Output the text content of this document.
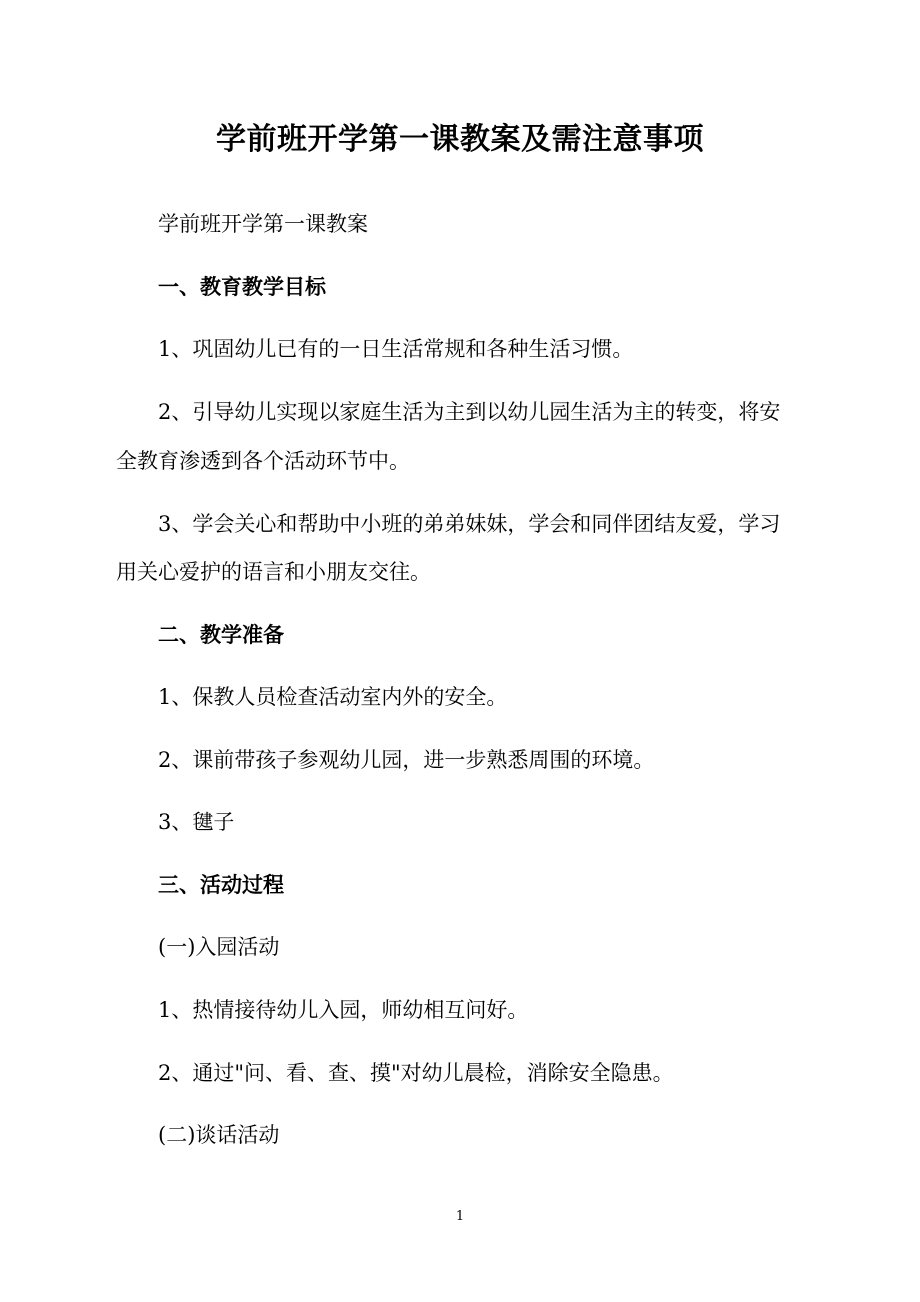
学前班开学第一课教案及需注意事项
学前班开学第一课教案
一、教育教学目标
1、巩固幼儿已有的一日生活常规和各种生活习惯。
2、引导幼儿实现以家庭生活为主到以幼儿园生活为主的转变，将安
全教育渗透到各个活动环节中。
3、学会关心和帮助中小班的弟弟妹妹，学会和同伴团结友爱，学习
用关心爱护的语言和小朋友交往。
二、教学准备
1、保教人员检查活动室内外的安全。
2、课前带孩子参观幼儿园，进一步熟悉周围的环境。
3、毽子
三、活动过程
(一)入园活动
1、热情接待幼儿入园，师幼相互问好。
2、通过"问、看、查、摸"对幼儿晨检，消除安全隐患。
(二)谈话活动
1
